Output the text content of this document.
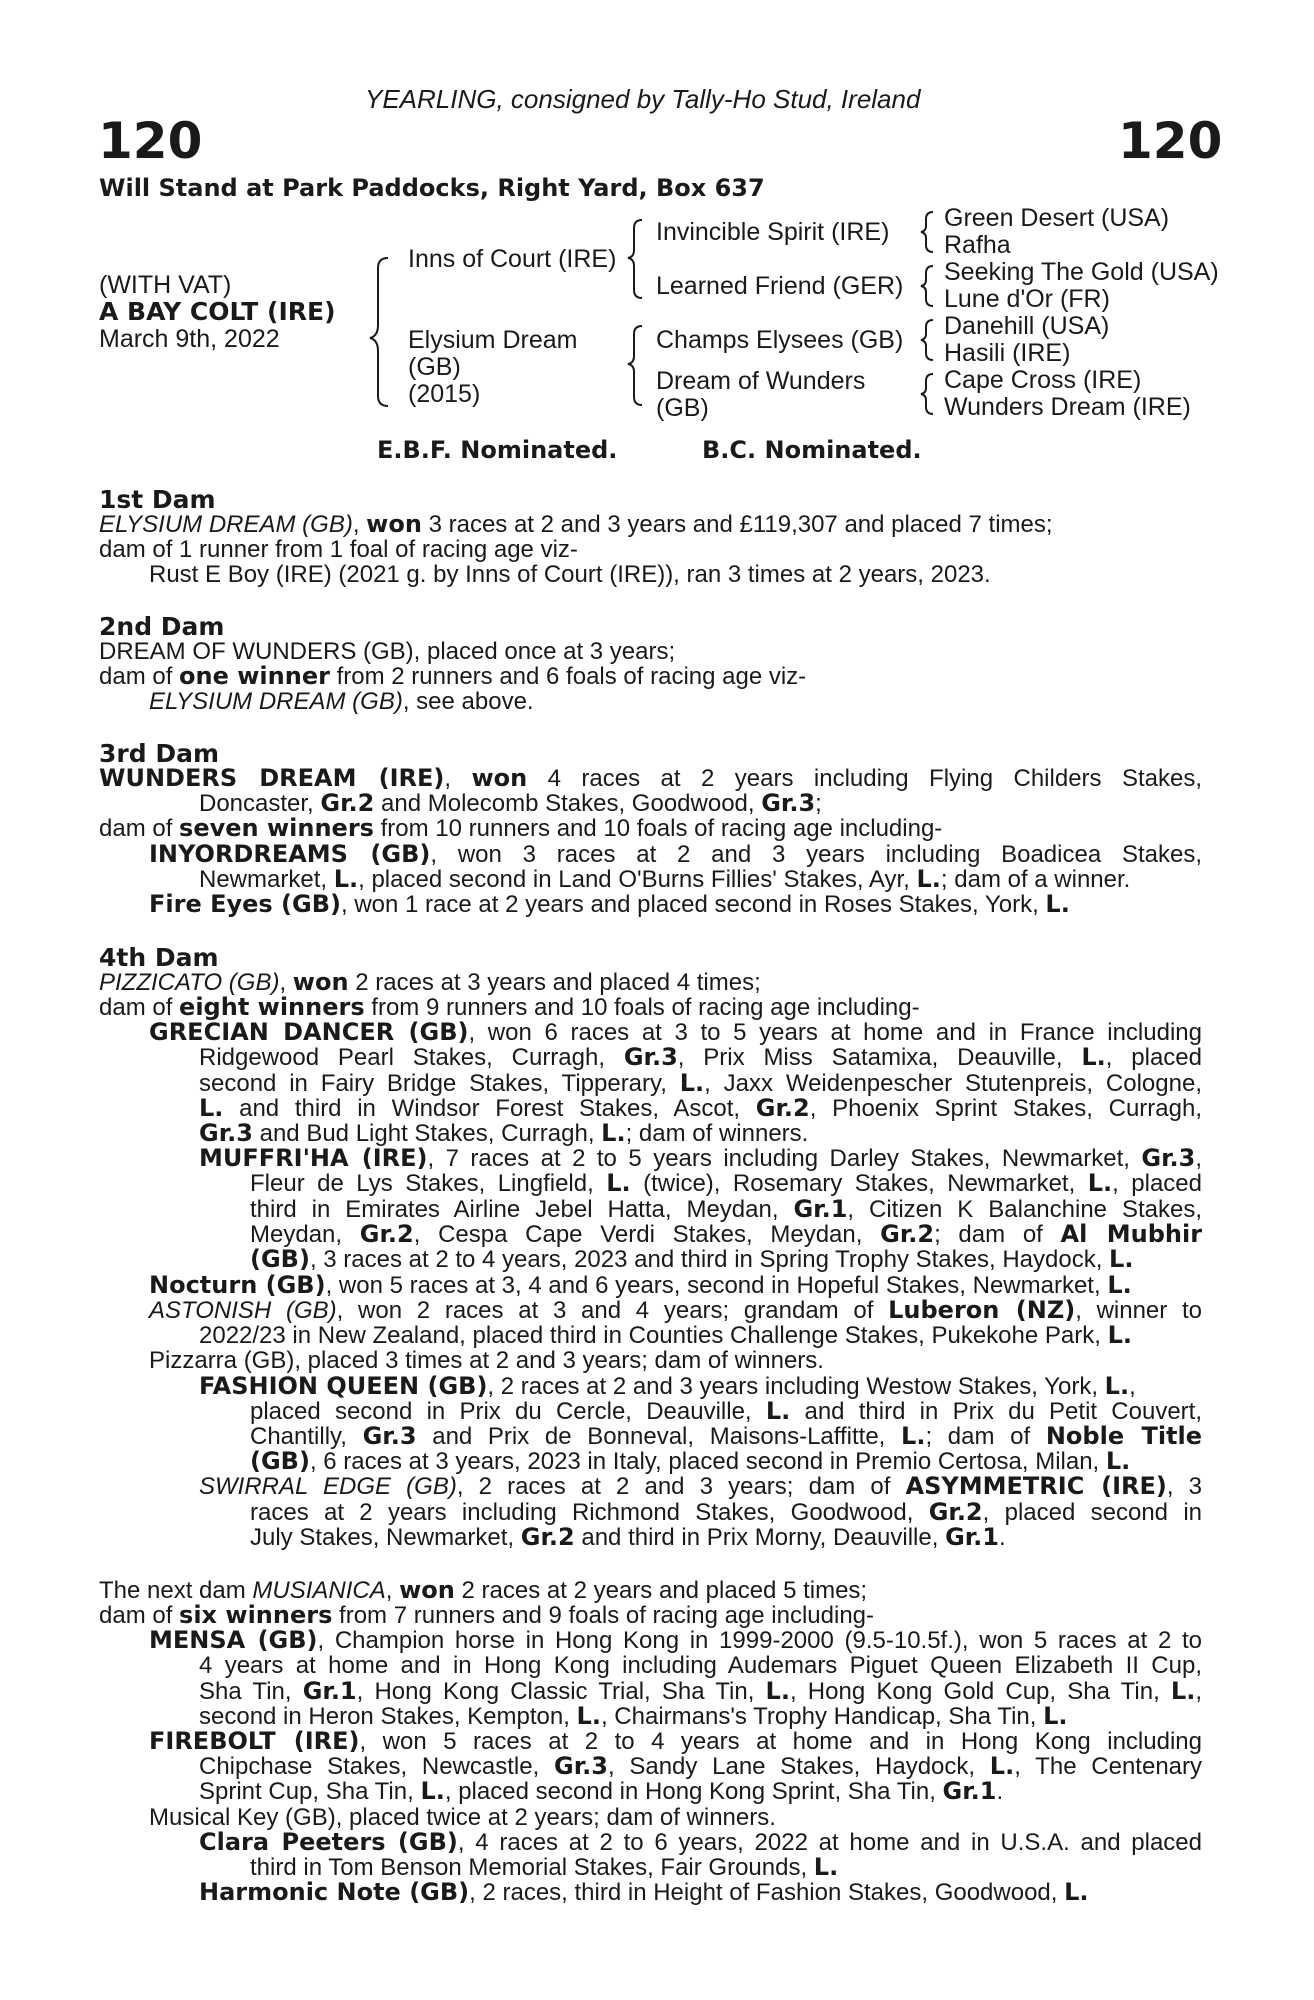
YEARLING, consigned by Tally-Ho Stud, Ireland
120	120
Will Stand at Park Paddocks, Right Yard, Box 637
(WITH VAT)
A BAY COLT (IRE)
March 9th, 2022
Inns of Court (IRE)
Elysium Dream
(GB)
(2015)
Invincible Spirit (IRE)
Learned Friend (GER)
Champs Elysees (GB)
Dream of Wunders
(GB)
Green Desert (USA)
Rafha
Seeking The Gold (USA)
Lune d'Or (FR)
Danehill (USA)
Hasili (IRE)
Cape Cross (IRE)
Wunders Dream (IRE)
E.B.F. Nominated.	B.C. Nominated.
1st Dam
2nd Dam
3rd Dam
4th Dam
ELYSIUM DREAM (GB), won 3 races at 2 and 3 years and £119,307 and placed 7 times;
dam of 1 runner from 1 foal of racing age viz-
Rust E Boy (IRE) (2021 g. by Inns of Court (IRE)), ran 3 times at 2 years, 2023.
DREAM OF WUNDERS (GB), placed once at 3 years;
dam of one winner from 2 runners and 6 foals of racing age viz-
ELYSIUM DREAM (GB), see above.
WUNDERS DREAM (IRE), won 4 races at 2 years including Flying Childers Stakes,
Doncaster, Gr.2 and Molecomb Stakes, Goodwood, Gr.3;
dam of seven winners from 10 runners and 10 foals of racing age including-
INYORDREAMS (GB), won 3 races at 2 and 3 years including Boadicea Stakes,
Newmarket, L., placed second in Land O'Burns Fillies' Stakes, Ayr, L.; dam of a winner.
Fire Eyes (GB), won 1 race at 2 years and placed second in Roses Stakes, York, L.
PIZZICATO (GB), won 2 races at 3 years and placed 4 times;
dam of eight winners from 9 runners and 10 foals of racing age including-
GRECIAN DANCER (GB), won 6 races at 3 to 5 years at home and in France including
Ridgewood Pearl Stakes, Curragh, Gr.3, Prix Miss Satamixa, Deauville, L., placed
second in Fairy Bridge Stakes, Tipperary, L., Jaxx Weidenpescher Stutenpreis, Cologne,
L. and third in Windsor Forest Stakes, Ascot, Gr.2, Phoenix Sprint Stakes, Curragh,
Gr.3 and Bud Light Stakes, Curragh, L.; dam of winners.
MUFFRI'HA (IRE), 7 races at 2 to 5 years including Darley Stakes, Newmarket, Gr.3,
Fleur de Lys Stakes, Lingfield, L. (twice), Rosemary Stakes, Newmarket, L., placed
third in Emirates Airline Jebel Hatta, Meydan, Gr.1, Citizen K Balanchine Stakes,
Meydan, Gr.2, Cespa Cape Verdi Stakes, Meydan, Gr.2; dam of Al Mubhir
(GB), 3 races at 2 to 4 years, 2023 and third in Spring Trophy Stakes, Haydock, L.
Nocturn (GB), won 5 races at 3, 4 and 6 years, second in Hopeful Stakes, Newmarket, L.
ASTONISH (GB), won 2 races at 3 and 4 years; grandam of Luberon (NZ), winner to
2022/23 in New Zealand, placed third in Counties Challenge Stakes, Pukekohe Park, L.
Pizzarra (GB), placed 3 times at 2 and 3 years; dam of winners.
FASHION QUEEN (GB), 2 races at 2 and 3 years including Westow Stakes, York, L.,
placed second in Prix du Cercle, Deauville, L. and third in Prix du Petit Couvert,
Chantilly, Gr.3 and Prix de Bonneval, Maisons-Laffitte, L.; dam of Noble Title
(GB), 6 races at 3 years, 2023 in Italy, placed second in Premio Certosa, Milan, L.
SWIRRAL EDGE (GB), 2 races at 2 and 3 years; dam of ASYMMETRIC (IRE), 3
races at 2 years including Richmond Stakes, Goodwood, Gr.2, placed second in
July Stakes, Newmarket, Gr.2 and third in Prix Morny, Deauville, Gr.1.
The next dam MUSIANICA, won 2 races at 2 years and placed 5 times;
dam of six winners from 7 runners and 9 foals of racing age including-
MENSA (GB), Champion horse in Hong Kong in 1999-2000 (9.5-10.5f.), won 5 races at 2 to
4 years at home and in Hong Kong including Audemars Piguet Queen Elizabeth II Cup,
Sha Tin, Gr.1, Hong Kong Classic Trial, Sha Tin, L., Hong Kong Gold Cup, Sha Tin, L.,
second in Heron Stakes, Kempton, L., Chairmans's Trophy Handicap, Sha Tin, L.
FIREBOLT (IRE), won 5 races at 2 to 4 years at home and in Hong Kong including
Chipchase Stakes, Newcastle, Gr.3, Sandy Lane Stakes, Haydock, L., The Centenary
Sprint Cup, Sha Tin, L., placed second in Hong Kong Sprint, Sha Tin, Gr.1.
Musical Key (GB), placed twice at 2 years; dam of winners.
Clara Peeters (GB), 4 races at 2 to 6 years, 2022 at home and in U.S.A. and placed
third in Tom Benson Memorial Stakes, Fair Grounds, L.
Harmonic Note (GB), 2 races, third in Height of Fashion Stakes, Goodwood, L.
